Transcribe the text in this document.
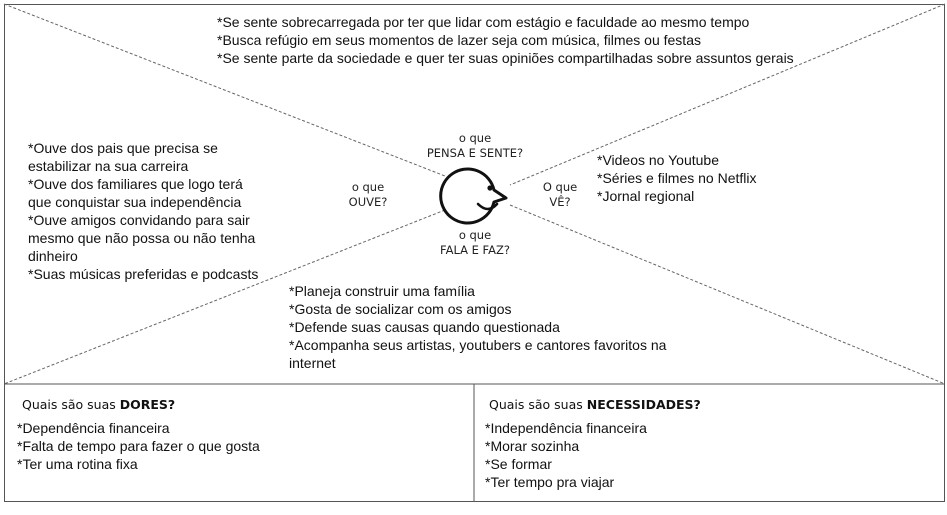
o que
PENSA E SENTE?
o que
OUVE?
O que
VÊ?
o que
FALA E FAZ?
*Se sente sobrecarregada por ter que lidar com estágio e faculdade ao mesmo tempo
*Busca refúgio em seus momentos de lazer seja com música, filmes ou festas
*Se sente parte da sociedade e quer ter suas opiniões compartilhadas sobre assuntos gerais
*Ouve dos pais que precisa se estabilizar na sua carreira
*Ouve dos familiares que logo terá que conquistar sua independência
*Ouve amigos convidando para sair mesmo que não possa ou não tenha dinheiro
*Suas músicas preferidas e podcasts
*Videos no Youtube
*Séries e filmes no Netflix
*Jornal regional
*Planeja construir uma família
*Gosta de socializar com os amigos
*Defende suas causas quando questionada
*Acompanha seus artistas, youtubers e cantores favoritos na internet
Quais são suas DORES?
*Dependência financeira
*Falta de tempo para fazer o que gosta
*Ter uma rotina fixa
Quais são suas NECESSIDADES?
*Independência financeira
*Morar sozinha
*Se formar
*Ter tempo pra viajar
